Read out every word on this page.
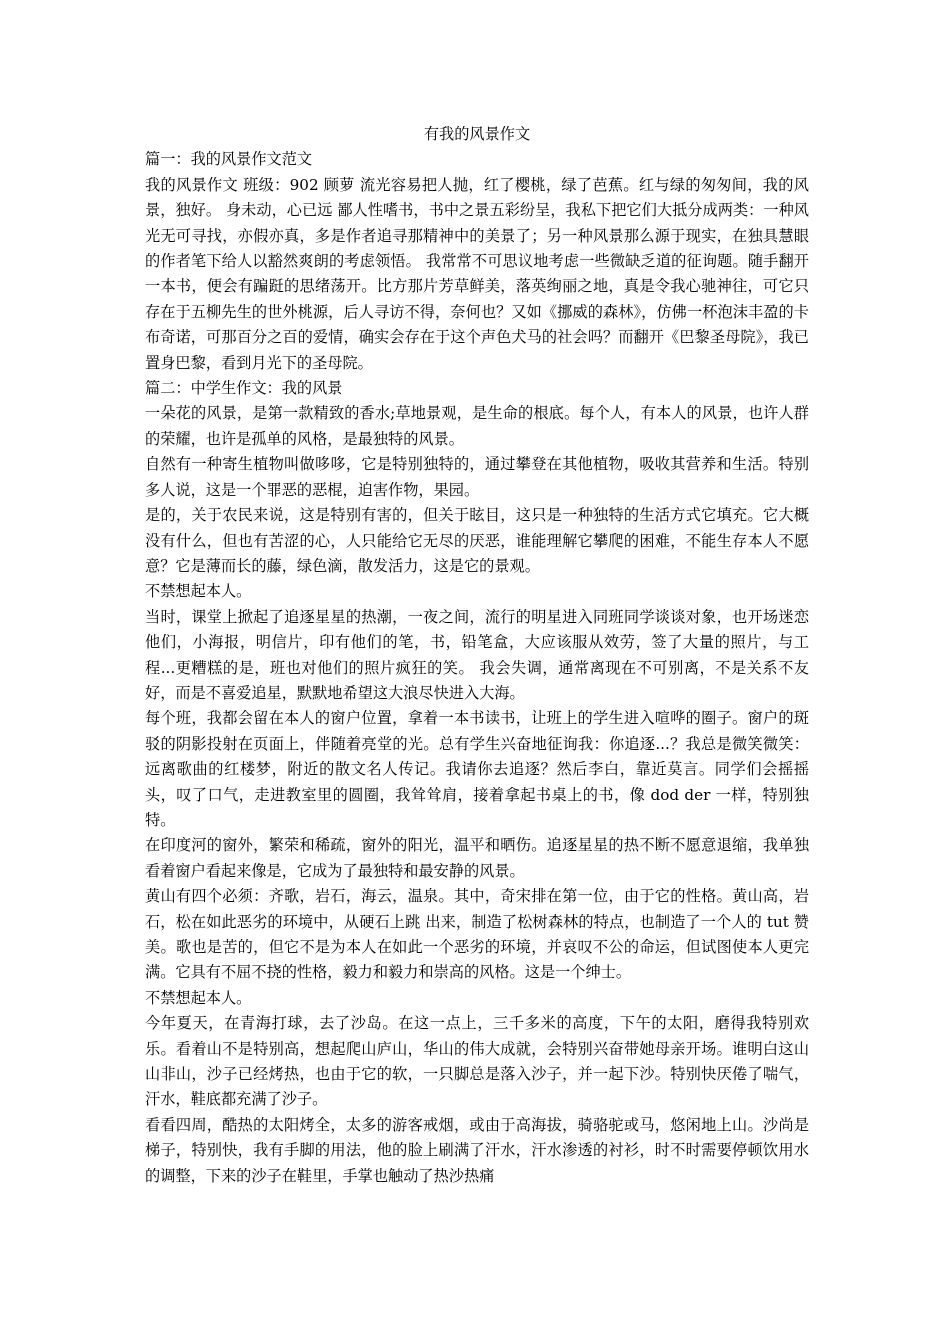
有我的风景作文

篇一：我的风景作文范文

我的风景作文 班级：902 顾萝 流光容易把人抛，红了樱桃，绿了芭蕉。红与绿的匆匆间，我的风景，独好。 身未动，心已远 鄙人性嗜书，书中之景五彩纷呈，我私下把它们大抵分成两类：一种风光无可寻找，亦假亦真，多是作者追寻那精神中的美景了；另一种风景那么源于现实，在独具慧眼的作者笔下给人以豁然爽朗的考虑领悟。 我常常不可思议地考虑一些微缺乏道的征询题。随手翻开一本书，便会有蹁跹的思绪荡开。比方那片芳草鲜美，落英绚丽之地，真是令我心驰神往，可它只存在于五柳先生的世外桃源，后人寻访不得，奈何也？又如《挪威的森林》，仿佛一杯泡沫丰盈的卡布奇诺，可那百分之百的爱情，确实会存在于这个声色犬马的社会吗？而翻开《巴黎圣母院》，我已置身巴黎，看到月光下的圣母院。

篇二：中学生作文：我的风景

一朵花的风景，是第一款精致的香水;草地景观，是生命的根底。每个人，有本人的风景，也许人群的荣耀，也许是孤单的风格，是最独特的风景。

自然有一种寄生植物叫做哆哆，它是特别独特的，通过攀登在其他植物，吸收其营养和生活。特别多人说，这是一个罪恶的恶棍，迫害作物，果园。

是的，关于农民来说，这是特别有害的，但关于眩目，这只是一种独特的生活方式它填充。它大概没有什么，但也有苦涩的心，人只能给它无尽的厌恶，谁能理解它攀爬的困难，不能生存本人不愿意？它是薄而长的藤，绿色滴，散发活力，这是它的景观。

不禁想起本人。

当时，课堂上掀起了追逐星星的热潮，一夜之间，流行的明星进入同班同学谈谈对象，也开场迷恋他们，小海报，明信片，印有他们的笔，书，铅笔盒，大应该服从效劳，签了大量的照片，与工程...更糟糕的是，班也对他们的照片疯狂的笑。 我会失调，通常离现在不可别离，不是关系不友好，而是不喜爱追星，默默地希望这大浪尽快进入大海。

每个班，我都会留在本人的窗户位置，拿着一本书读书，让班上的学生进入喧哗的圈子。窗户的斑驳的阴影投射在页面上，伴随着亮堂的光。总有学生兴奋地征询我：你追逐...？我总是微笑微笑：远离歌曲的红楼梦，附近的散文名人传记。我请你去追逐？然后李白，靠近莫言。同学们会摇摇头，叹了口气，走进教室里的圆圈，我耸耸肩，接着拿起书桌上的书，像 dod der 一样，特别独特。

在印度河的窗外，繁荣和稀疏，窗外的阳光，温平和晒伤。追逐星星的热不断不愿意退缩，我单独看着窗户看起来像是，它成为了最独特和最安静的风景。

黄山有四个必须：齐歌，岩石，海云，温泉。其中，奇宋排在第一位，由于它的性格。黄山高，岩石，松在如此恶劣的环境中，从硬石上跳 出来，制造了松树森林的特点，也制造了一个人的 tut 赞美。歌也是苦的，但它不是为本人在如此一个恶劣的环境，并哀叹不公的命运，但试图使本人更完满。它具有不屈不挠的性格，毅力和毅力和崇高的风格。这是一个绅士。

不禁想起本人。

今年夏天，在青海打球，去了沙岛。在这一点上，三千多米的高度，下午的太阳，磨得我特别欢乐。看着山不是特别高，想起爬山庐山，华山的伟大成就，会特别兴奋带她母亲开场。谁明白这山山非山，沙子已经烤热，也由于它的软，一只脚总是落入沙子，并一起下沙。特别快厌倦了喘气，汗水，鞋底都充满了沙子。

看看四周，酷热的太阳烤全，太多的游客戒烟，或由于高海拔，骑骆驼或马，悠闲地上山。沙尚是梯子，特别快，我有手脚的用法，他的脸上刷满了汗水，汗水渗透的衬衫，时不时需要停顿饮用水的调整，下来的沙子在鞋里，手掌也触动了热沙热痛
